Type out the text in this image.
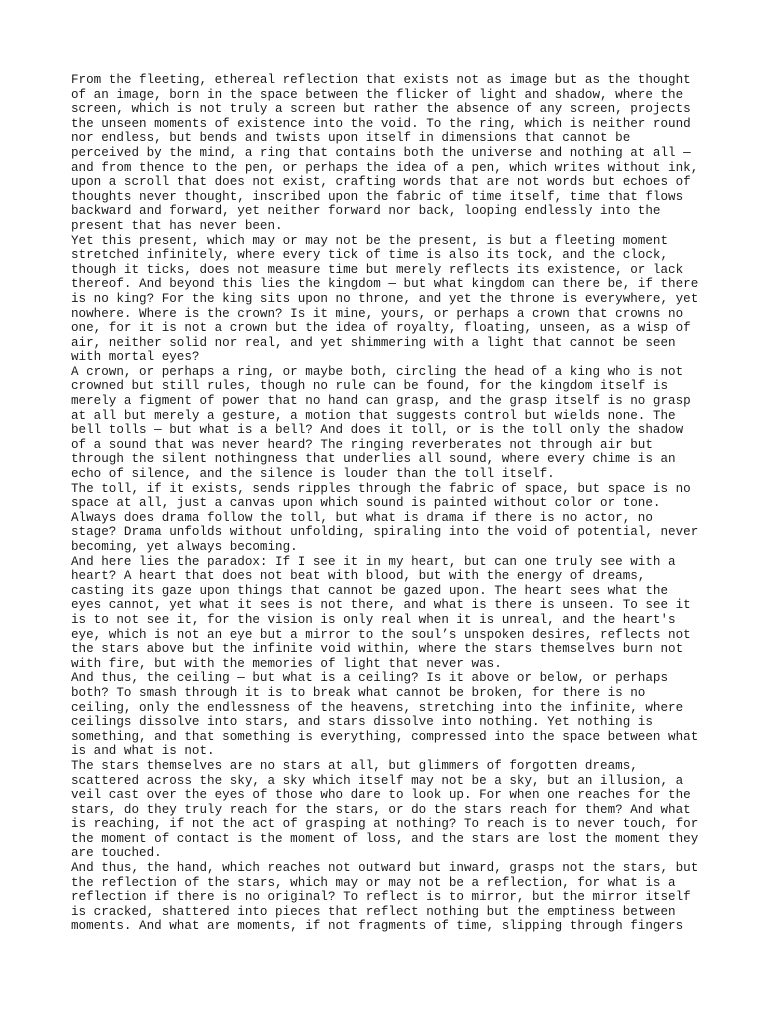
From the fleeting, ethereal reflection that exists not as image but as the thought
of an image, born in the space between the flicker of light and shadow, where the
screen, which is not truly a screen but rather the absence of any screen, projects
the unseen moments of existence into the void. To the ring, which is neither round
nor endless, but bends and twists upon itself in dimensions that cannot be
perceived by the mind, a ring that contains both the universe and nothing at all —
and from thence to the pen, or perhaps the idea of a pen, which writes without ink,
upon a scroll that does not exist, crafting words that are not words but echoes of
thoughts never thought, inscribed upon the fabric of time itself, time that flows
backward and forward, yet neither forward nor back, looping endlessly into the
present that has never been.

Yet this present, which may or may not be the present, is but a fleeting moment
stretched infinitely, where every tick of time is also its tock, and the clock,
though it ticks, does not measure time but merely reflects its existence, or lack
thereof. And beyond this lies the kingdom — but what kingdom can there be, if there
is no king? For the king sits upon no throne, and yet the throne is everywhere, yet
nowhere. Where is the crown? Is it mine, yours, or perhaps a crown that crowns no
one, for it is not a crown but the idea of royalty, floating, unseen, as a wisp of
air, neither solid nor real, and yet shimmering with a light that cannot be seen
with mortal eyes?

A crown, or perhaps a ring, or maybe both, circling the head of a king who is not
crowned but still rules, though no rule can be found, for the kingdom itself is
merely a figment of power that no hand can grasp, and the grasp itself is no grasp
at all but merely a gesture, a motion that suggests control but wields none. The
bell tolls — but what is a bell? And does it toll, or is the toll only the shadow
of a sound that was never heard? The ringing reverberates not through air but
through the silent nothingness that underlies all sound, where every chime is an
echo of silence, and the silence is louder than the toll itself.

The toll, if it exists, sends ripples through the fabric of space, but space is no
space at all, just a canvas upon which sound is painted without color or tone.
Always does drama follow the toll, but what is drama if there is no actor, no
stage? Drama unfolds without unfolding, spiraling into the void of potential, never
becoming, yet always becoming.

And here lies the paradox: If I see it in my heart, but can one truly see with a
heart? A heart that does not beat with blood, but with the energy of dreams,
casting its gaze upon things that cannot be gazed upon. The heart sees what the
eyes cannot, yet what it sees is not there, and what is there is unseen. To see it
is to not see it, for the vision is only real when it is unreal, and the heart's
eye, which is not an eye but a mirror to the soul’s unspoken desires, reflects not
the stars above but the infinite void within, where the stars themselves burn not
with fire, but with the memories of light that never was.

And thus, the ceiling — but what is a ceiling? Is it above or below, or perhaps
both? To smash through it is to break what cannot be broken, for there is no
ceiling, only the endlessness of the heavens, stretching into the infinite, where
ceilings dissolve into stars, and stars dissolve into nothing. Yet nothing is
something, and that something is everything, compressed into the space between what
is and what is not.

The stars themselves are no stars at all, but glimmers of forgotten dreams,
scattered across the sky, a sky which itself may not be a sky, but an illusion, a
veil cast over the eyes of those who dare to look up. For when one reaches for the
stars, do they truly reach for the stars, or do the stars reach for them? And what
is reaching, if not the act of grasping at nothing? To reach is to never touch, for
the moment of contact is the moment of loss, and the stars are lost the moment they
are touched.

And thus, the hand, which reaches not outward but inward, grasps not the stars, but
the reflection of the stars, which may or may not be a reflection, for what is a
reflection if there is no original? To reflect is to mirror, but the mirror itself
is cracked, shattered into pieces that reflect nothing but the emptiness between
moments. And what are moments, if not fragments of time, slipping through fingers
